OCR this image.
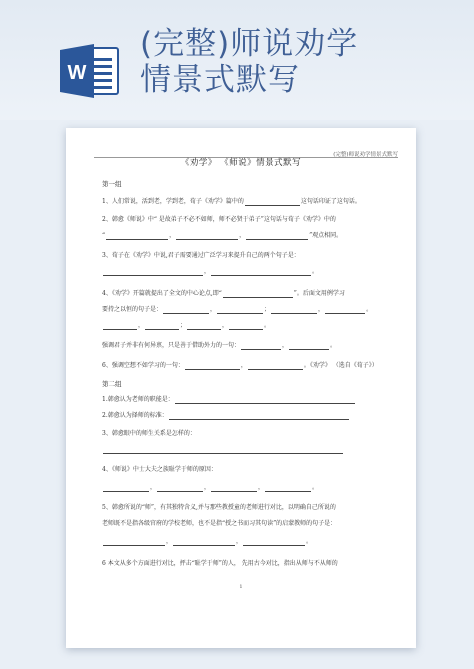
W
(完整)师说劝学
情景式默写
(完整)师说劝学情景式默写
《劝学》 《师说》情景式默写
第一组
1、人们常说，活到老，学到老，荀子《劝学》篇中的	这句话印证了这句话。
2、韩愈《师说》中“ 是故弟子不必不如师，师不必贤于弟子”这句话与荀子《劝学》中的
“	，	，	”观点相同。
3、荀子在《劝学》中说,君子需要通过广泛学习来提升自己的两个句子是：
，	。
4、《劝学》开篇就提出了全文的中心论点,即“	”。后面文用例学习
要持之以恒的句子是：	，	；	，	。
，	；	，	。
强调君子并非有何异禀，只是善于借助外力的一句：	，	。
6、强调空想不如学习的一句：	，	。《劝学》 （选自《荀子》）
第二组
1.韩愈认为老师的职能是：
2.韩愈认为择师的标准：
3、韩愈眼中的师生关系是怎样的：
4、《师说》中士大夫之族耻学于师的原因：
，	，	，	。
5、韩愈所说的“师”，有其独特含义,并与那些教授童的老师进行对比，以明确自己所说的
老师既不是指各级官府的学校老师，也不是指“授之书而习其句读”的启蒙教师的句子是：
，	，	。
6 本文从多个方面进行对比，抨击“耻学于师”的人， 先用古今对比，指出从师与不从师的
1
